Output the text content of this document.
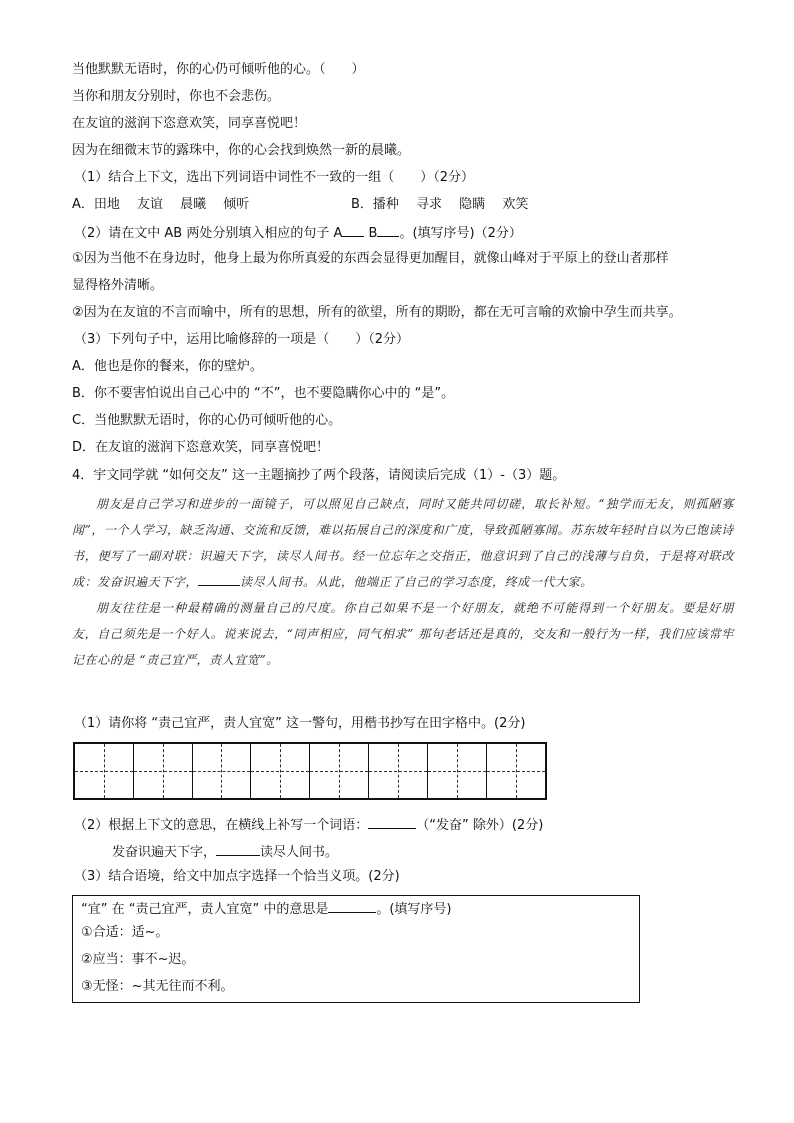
当他默默无语时，你的心仍可倾听他的心。（　　）
当你和朋友分别时，你也不会悲伤。
在友谊的滋润下恣意欢笑，同享喜悦吧！
因为在细微末节的露珠中，你的心会找到焕然一新的晨曦。
（1）结合上下文，选出下列词语中词性不一致的一组（　　）（2分）
A．田地　 友谊　 晨曦　 倾听	B．播种　 寻求　 隐瞒　 欢笑
（2）请在文中 AB 两处分别填入相应的句子 A B 。(填写序号)（2分）
①因为当他不在身边时，他身上最为你所真爱的东西会显得更加醒目，就像山峰对于平原上的登山者那样
显得格外清晰。
②因为在友谊的不言而喻中，所有的思想，所有的欲望，所有的期盼，都在无可言喻的欢愉中孕生而共享。
（3）下列句子中，运用比喻修辞的一项是（　　）（2分）
A．他也是你的餐来，你的壁炉。
B．你不要害怕说出自己心中的 “不”，也不要隐瞒你心中的 “是”。
C．当他默默无语时，你的心仍可倾听他的心。
D．在友谊的滋润下恣意欢笑，同享喜悦吧！
4．宇文同学就 “如何交友” 这一主题摘抄了两个段落，请阅读后完成（1）-（3）题。

朋友是自己学习和进步的一面镜子，可以照见自己缺点，同时又能共同切磋，取长补短。“独学而无友，则孤陋寡闻”，一个人学习，缺乏沟通、交流和反馈，难以拓展自己的深度和广度，导致孤陋寡闻。苏东坡年轻时自以为已饱读诗书，便写了一副对联：识遍天下字，读尽人间书。经一位忘年之交指正，他意识到了自己的浅薄与自负，于是将对联改成：发奋识遍天下字，	读尽人间书。从此，他端正了自己的学习态度，终成一代大家。

朋友往往是一种最精确的测量自己的尺度。你自己如果不是一个好朋友，就绝不可能得到一个好朋友。要是好朋友，自己须先是一个好人。说来说去，“同声相应，同气相求” 那句老话还是真的，交友和一般行为一样，我们应该常牢记在心的是 “责己宜严，责人宜宽”。

（1）请你将 “责己宜严，责人宜宽” 这一警句，用楷书抄写在田字格中。(2分)
（2）根据上下文的意思，在横线上补写一个词语：	（“发奋” 除外）(2分)
发奋识遍天下字，	读尽人间书。
（3）结合语境，给文中加点字选择一个恰当义项。(2分)
“宜” 在 “责己宜严，责人宜宽” 中的意思是	。(填写序号)
①合适：适~。
②应当：事不~迟。
③无怪：~其无往而不利。
